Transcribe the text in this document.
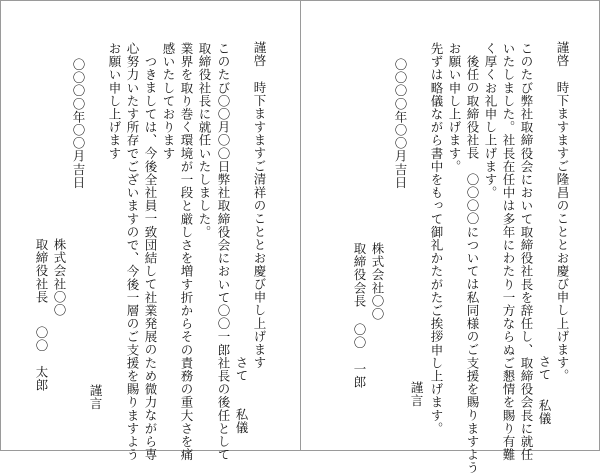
謹啓
時下ますますご清祥のこととお慶び申し上げます
さて
私儀
このたび〇〇月〇〇日弊社取締役会において〇〇一郎社長の後任として
取締役社長に就任いたしました。
業界を取り巻く環境が一段と厳しさを増す折からその責務の重大さを痛
感いたしております
つきましては、今後全社員一致団結して社業発展のため微力ながら専
心努力いたす所存でございますので、今後一層のご支援を賜りますよう
お願い申し上げます
〇〇〇〇年〇〇月吉日
株式会社〇〇
取締役社長
〇〇　太郎
謹言
謹啓
時下ますますご隆昌のこととお慶び申し上げます。
さて
私儀
このたび弊社取締役会において取締役社長を辞任し、取締役会長に就任
いたしました。社長在任中は多年にわたり一方ならぬご懇情を賜り有難
く厚くお礼申し上げます。
後任の取締役社長　〇〇〇〇については私同様のご支援を賜りますよう
お願い申し上げます。
先ずは略儀ながら書中をもって御礼かたがたご挨拶申し上げます。
〇〇〇〇年〇〇月吉日
株式会社〇〇
取締役会長
〇〇　一郎
謹言
